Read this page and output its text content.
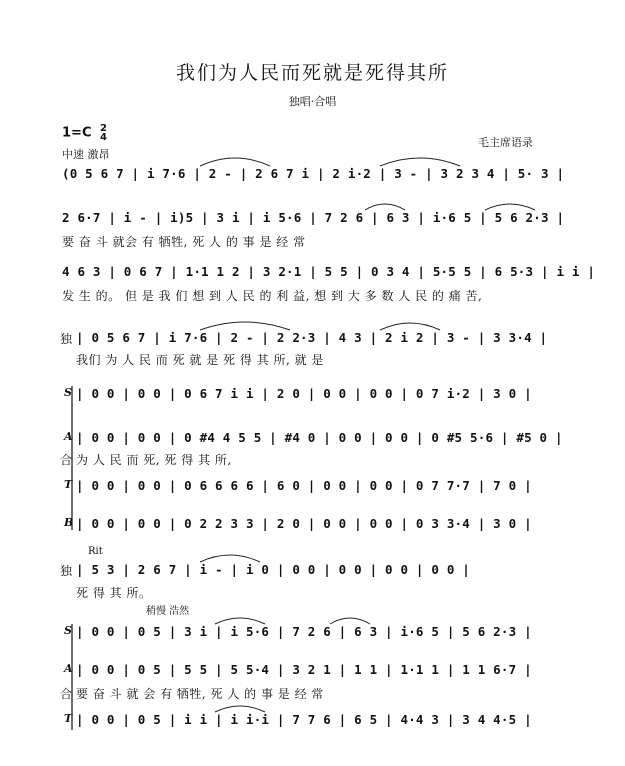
我们为人民而死就是死得其所
独唱·合唱
1=C 2
4
中速 激昂
毛主席语录
(0 5 6 7 | i 7·6 | 2 - | 2 6 7 i | 2 i·2 | 3 - | 3 2 3 4 | 5· 3 |
2 6·7 | i - | i)5 | 3 i | i 5·6 | 7 2 6 | 6 3 | i·6 5 | 5 6 2·3 |
要 奋 斗 就会 有 牺牲, 死 人 的 事 是 经 常
4 6 3 | 0 6 7 | 1·1 1 2 | 3 2·1 | 5 5 | 0 3 4 | 5·5 5 | 6 5·3 | i i |
发 生 的。 但 是 我 们 想 到 人 民 的 利 益, 想 到 大 多 数 人 民 的 痛 苦,
独 | 0 5 6 7 | i 7·6 | 2 - | 2 2·3 | 4 3 | 2 i 2 | 3 - | 3 3·4 |
我们 为 人 民 而 死 就 是 死 得 其 所, 就 是
S | 0 0 | 0 0 | 0 6 7 i i | 2 0 | 0 0 | 0 0 | 0 7 i·2 | 3 0 |
A | 0 0 | 0 0 | 0 #4 4 5 5 | #4 0 | 0 0 | 0 0 | 0 #5 5·6 | #5 0 |
合 为 人 民 而 死, 死 得 其 所,
T | 0 0 | 0 0 | 0 6 6 6 6 | 6 0 | 0 0 | 0 0 | 0 7 7·7 | 7 0 |
B | 0 0 | 0 0 | 0 2 2 3 3 | 2 0 | 0 0 | 0 0 | 0 3 3·4 | 3 0 |
Rit
独 | 5 3 | 2 6 7 | i - | i 0 | 0 0 | 0 0 | 0 0 | 0 0 |
死 得 其 所。
稍慢 浩然
S | 0 0 | 0 5 | 3 i | i 5·6 | 7 2 6 | 6 3 | i·6 5 | 5 6 2·3 |
A | 0 0 | 0 5 | 5 5 | 5 5·4 | 3 2 1 | 1 1 | 1·1 1 | 1 1 6·7 |
合 要 奋 斗 就 会 有 牺牲, 死 人 的 事 是 经 常
T | 0 0 | 0 5 | i i | i i·i | 7 7 6 | 6 5 | 4·4 3 | 3 4 4·5 |
